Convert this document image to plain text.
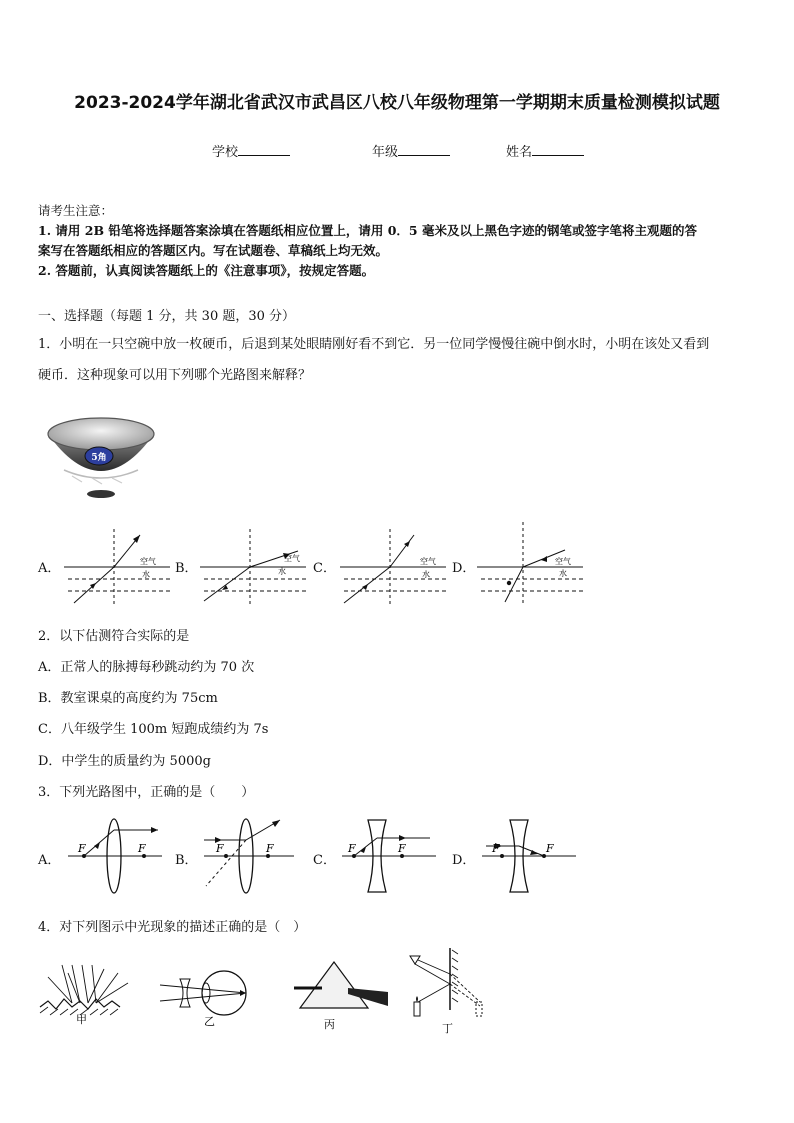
2023-2024学年湖北省武汉市武昌区八校八年级物理第一学期期末质量检测模拟试题
学校	年级	姓名
请考生注意：
1. 请用 2B 铅笔将选择题答案涂填在答题纸相应位置上，请用 0．5 毫米及以上黑色字迹的钢笔或签字笔将主观题的答
案写在答题纸相应的答题区内。写在试题卷、草稿纸上均无效。
2. 答题前，认真阅读答题纸上的《注意事项》，按规定答题。
一、选择题（每题 1 分，共 30 题，30 分）
1．小明在一只空碗中放一枚硬币，后退到某处眼睛刚好看不到它．另一位同学慢慢往碗中倒水时，小明在该处又看到
硬币．这种现象可以用下列哪个光路图来解释？
5角
A．	空气
水 B．
空气
水 C．	空气
水 D．	空气
水
2．以下估测符合实际的是
A．正常人的脉搏每秒跳动约为 70 次
B．教室课桌的高度约为 75cm
C．八年级学生 100m 短跑成绩约为 7s
D．中学生的质量约为 5000g
3．下列光路图中，正确的是（　　）
A．
F	F
B．
F	F
C．
F	F
D．
F	F
4．对下列图示中光现象的描述正确的是（　）
甲	乙	丙	丁
